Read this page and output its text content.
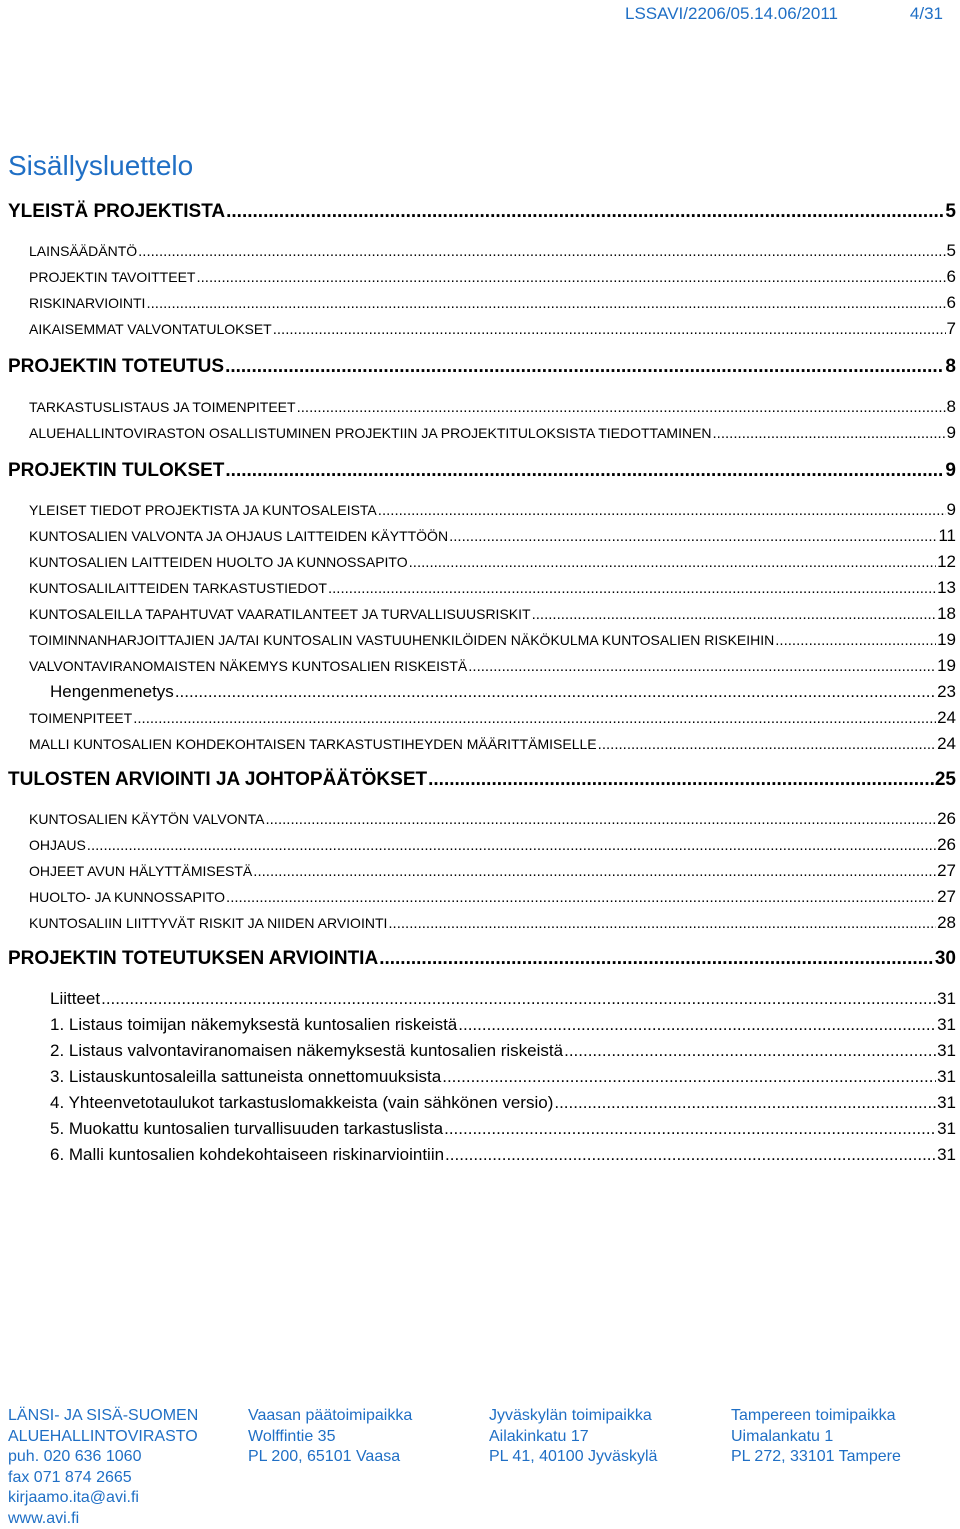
LSSAVI/2206/05.14.06/2011	4/31
Sisällysluettelo
YLEISTÄ PROJEKTISTA .....	5
LAINSÄÄDÄNTÖ .....	5
PROJEKTIN TAVOITTEET .....	6
RISKINARVIOINTI .....	6
AIKAISEMMAT VALVONTATULOKSET .....	7
PROJEKTIN TOTEUTUS .....	8
TARKASTUSLISTAUS JA TOIMENPITEET .....	8
ALUEHALLINTOVIRASTON OSALLISTUMINEN PROJEKTIIN JA PROJEKTITULOKSISTA TIEDOTTAMINEN .....	9
PROJEKTIN TULOKSET .....	9
YLEISET TIEDOT PROJEKTISTA JA KUNTOSALEISTA .....	9
KUNTOSALIEN VALVONTA JA OHJAUS LAITTEIDEN KÄYTTÖÖN .....	11
KUNTOSALIEN LAITTEIDEN HUOLTO JA KUNNOSSAPITO .....	12
KUNTOSALILAITTEIDEN TARKASTUSTIEDOT .....	13
KUNTOSALEILLA TAPAHTUVAT VAARATILANTEET JA TURVALLISUUSRISKIT .....	18
TOIMINNANHARJOITTAJIEN JA/TAI KUNTOSALIN VASTUUHENKILÖIDEN NÄKÖKULMA KUNTOSALIEN RISKEIHIN .....	19
VALVONTAVIRANOMAISTEN NÄKEMYS KUNTOSALIEN RISKEISTÄ .....	19
Hengenmenetys .....	23
TOIMENPITEET .....	24
MALLI KUNTOSALIEN KOHDEKOHTAISEN TARKASTUSTIHEYDEN MÄÄRITTÄMISELLE .....	24
TULOSTEN ARVIOINTI JA JOHTOPÄÄTÖKSET .....	25
KUNTOSALIEN KÄYTÖN VALVONTA .....	26
OHJAUS .....	26
OHJEET AVUN HÄLYTTÄMISESTÄ .....	27
HUOLTO- JA KUNNOSSAPITO .....	27
KUNTOSALIIN LIITTYVÄT RISKIT JA NIIDEN ARVIOINTI .....	28
PROJEKTIN TOTEUTUKSEN ARVIOINTIA .....	30
Liitteet .....	31
1. Listaus toimijan näkemyksestä kuntosalien riskeistä .....	31
2. Listaus valvontaviranomaisen näkemyksestä kuntosalien riskeistä .....	31
3. Listauskuntosaleilla sattuneista onnettomuuksista .....	31
4. Yhteenvetotaulukot tarkastuslomakkeista (vain sähkönen versio) .....	31
5. Muokattu kuntosalien turvallisuuden tarkastuslista .....	31
6. Malli kuntosalien kohdekohtaiseen riskinarviointiin .....	31
LÄNSI- JA SISÄ-SUOMEN
ALUEHALLINTOVIRASTO
puh. 020 636 1060
fax 071 874 2665
kirjaamo.ita@avi.fi
www.avi.fi
Vaasan päätoimipaikka
Wolffintie 35
PL 200, 65101 Vaasa
Jyväskylän toimipaikka
Ailakinkatu 17
PL 41, 40100 Jyväskylä
Tampereen toimipaikka
Uimalankatu 1
PL 272, 33101 Tampere
